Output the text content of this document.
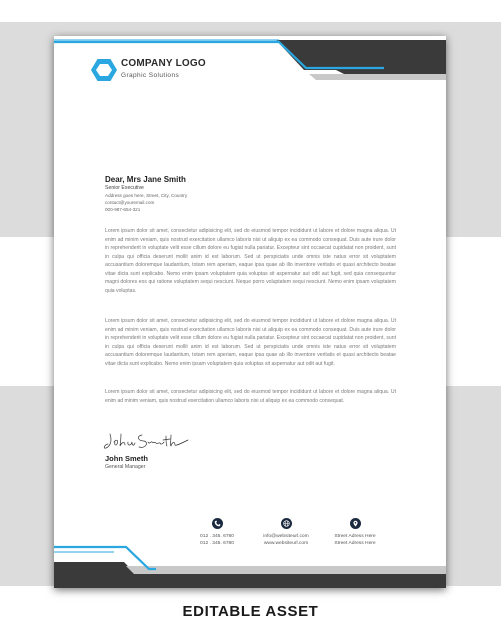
COMPANY LOGO
Graphic Solutions
Dear, Mrs Jane Smith
Senior Executive
Address goes here, Street, City, Country
contact@youremail.com
000-987-654-321

Lorem ipsum dolor sit amet, consectetur adipisicing elit, sed do eiusmod tempor incididunt ut labore et dolore magna aliqua. Ut enim ad minim veniam, quis nostrud exercitation ullamco laboris nisi ut aliquip ex ea commodo consequat. Duis aute irure dolor in reprehenderit in voluptate velit esse cillum dolore eu fugiat nulla pariatur. Excepteur sint occaecat cupidatat non proident, sunt in culpa qui officia deserunt mollit anim id est laborum. Sed ut perspiciatis unde omnis iste natus error sit voluptatem accusantium doloremque laudantium, totam rem aperiam, eaque ipsa quae ab illo inventore veritatis et quasi architecto beatae vitae dicta sunt explicabo. Nemo enim ipsam voluptatem quia voluptas sit aspernatur aut odit aut fugit, sed quia consequuntur magni dolores eos qui ratione voluptatem sequi nesciunt. Neque porro voluptatem sequi nesciunt. Nemo enim ipsam voluptatem quia voluptas.

Lorem ipsum dolor sit amet, consectetur adipisicing elit, sed do eiusmod tempor incididunt ut labore et dolore magna aliqua. Ut enim ad minim veniam, quis nostrud exercitation ullamco laboris nisi ut aliquip ex ea commodo consequat. Duis aute irure dolor in reprehenderit in voluptate velit esse cillum dolore eu fugiat nulla pariatur. Excepteur sint occaecat cupidatat non proident, sunt in culpa qui officia deserunt mollit anim id est laborum. Sed ut perspiciatis unde omnis iste natus error sit voluptatem accusantium doloremque laudantium, totam rem aperiam, eaque ipsa quae ab illo inventore veritatis et quasi architecto beatae vitae dicta sunt explicabo. Nemo enim ipsam voluptatem quia voluptas sit aspernatur aut odit aut fugit.

Lorem ipsum dolor sit amet, consectetur adipisicing elit, sed do eiusmod tempor incididunt ut labore et dolore magna aliqua. Ut enim ad minim veniam, quis nostrud exercitation ullamco laboris nisi ut aliquip ex ea commodo consequat.

John Smeth
General Manager
012 . 345. 6780
012 . 345. 6780
info@websiteurl.com
www.websiteurl.com
Street Adress Here
Street Adress Here
EDITABLE ASSET
